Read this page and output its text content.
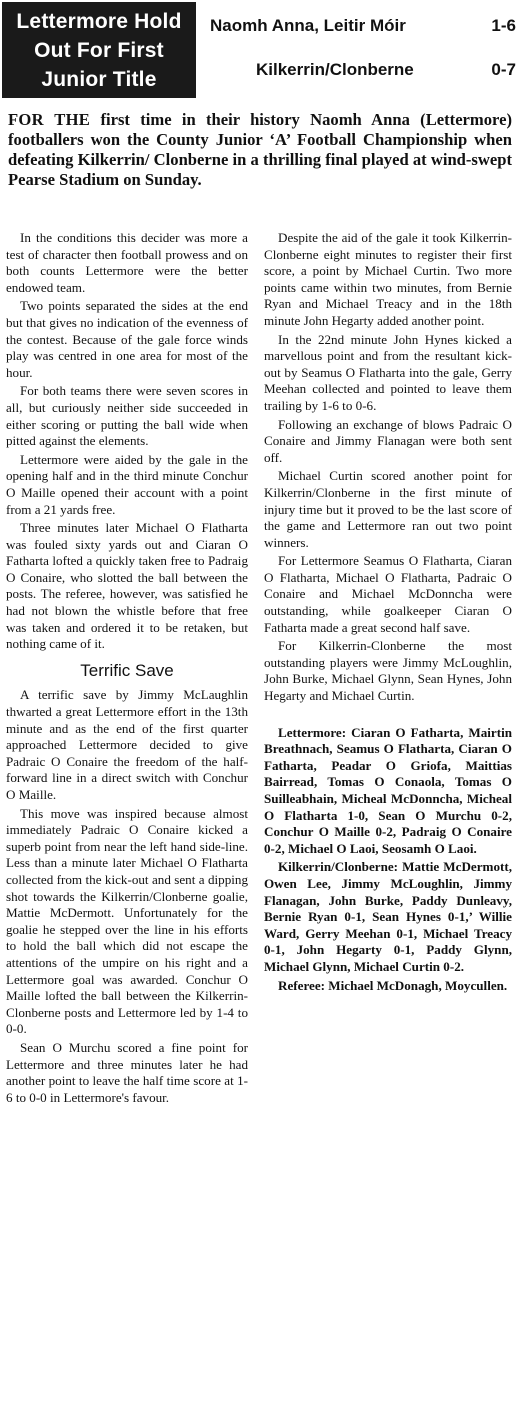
Lettermore Hold
Out For First
Junior Title
Naomh Anna, Leitir Móir	1-6
Kilkerrin/Clonberne	0-7
FOR THE first time in their history Naomh Anna (Lettermore) footballers won the County Junior ‘A’ Football Championship when defeating Kilkerrin/ Clonberne in a thrilling final played at wind-swept Pearse Stadium on Sunday.

In the conditions this decider was more a test of character then football prowess and on both counts Lettermore were the better endowed team.

Two points separated the sides at the end but that gives no indication of the evenness of the contest. Because of the gale force winds play was centred in one area for most of the hour.

For both teams there were seven scores in all, but curiously neither side succeeded in either scoring or putting the ball wide when pitted against the elements.

Lettermore were aided by the gale in the opening half and in the third minute Conchur O Maille opened their account with a point from a 21 yards free.

Three minutes later Michael O Flatharta was fouled sixty yards out and Ciaran O Fatharta lofted a quickly taken free to Padraig O Conaire, who slotted the ball between the posts. The referee, however, was satisfied he had not blown the whistle before that free was taken and ordered it to be retaken, but nothing came of it.

Terrific Save

A terrific save by Jimmy McLaughlin thwarted a great Lettermore effort in the 13th minute and as the end of the first quarter approached Lettermore decided to give Padraic O Conaire the freedom of the half-forward line in a direct switch with Conchur O Maille.

This move was inspired because almost immediately Padraic O Conaire kicked a superb point from near the left hand side-line. Less than a minute later Michael O Flatharta collected from the kick-out and sent a dipping shot towards the Kilkerrin/Clonberne goalie, Mattie McDermott. Unfortunately for the goalie he stepped over the line in his efforts to hold the ball which did not escape the attentions of the umpire on his right and a Lettermore goal was awarded. Conchur O Maille lofted the ball between the Kilkerrin-Clonberne posts and Lettermore led by 1-4 to 0-0.

Sean O Murchu scored a fine point for Lettermore and three minutes later he had another point to leave the half time score at 1-6 to 0-0 in Lettermore's favour.

Despite the aid of the gale it took Kilkerrin-Clonberne eight minutes to register their first score, a point by Michael Curtin. Two more points came within two minutes, from Bernie Ryan and Michael Treacy and in the 18th minute John Hegarty added another point.

In the 22nd minute John Hynes kicked a marvellous point and from the resultant kick-out by Seamus O Flatharta into the gale, Gerry Meehan collected and pointed to leave them trailing by 1-6 to 0-6.

Following an exchange of blows Padraic O Conaire and Jimmy Flanagan were both sent off.

Michael Curtin scored another point for Kilkerrin/Clonberne in the first minute of injury time but it proved to be the last score of the game and Lettermore ran out two point winners.

For Lettermore Seamus O Flatharta, Ciaran O Flatharta, Michael O Flatharta, Padraic O Conaire and Michael McDonncha were outstanding, while goalkeeper Ciaran O Fatharta made a great second half save.

For Kilkerrin-Clonberne the most outstanding players were Jimmy McLoughlin, John Burke, Michael Glynn, Sean Hynes, John Hegarty and Michael Curtin.

Lettermore: Ciaran O Fatharta, Mairtin Breathnach, Seamus O Flatharta, Ciaran O Fatharta, Peadar O Griofa, Maittias Bairread, Tomas O Conaola, Tomas O Suilleabhain, Micheal McDonncha, Micheal O Flatharta 1-0, Sean O Murchu 0-2, Conchur O Maille 0-2, Padraig O Conaire 0-2, Michael O Laoi, Seosamh O Laoi.

Kilkerrin/Clonberne: Mattie McDermott, Owen Lee, Jimmy McLoughlin, Jimmy Flanagan, John Burke, Paddy Dunleavy, Bernie Ryan 0-1, Sean Hynes 0-1,’ Willie Ward, Gerry Meehan 0-1, Michael Treacy 0-1, John Hegarty 0-1, Paddy Glynn, Michael Glynn, Michael Curtin 0-2.

Referee: Michael McDonagh, Moycullen.
